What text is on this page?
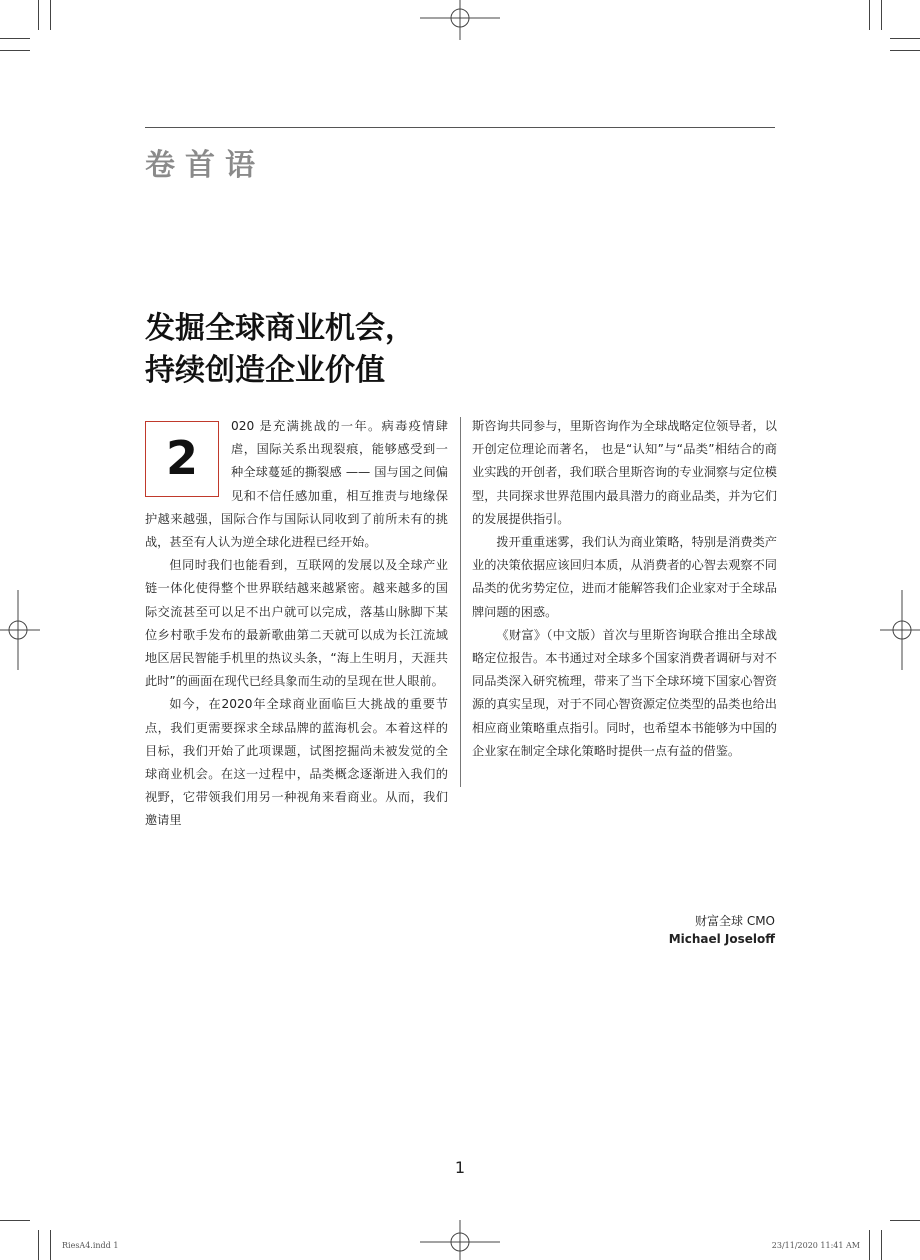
卷首语
发掘全球商业机会，
持续创造企业价值
2

020 是充满挑战的一年。病毒疫情肆虐，国际关系出现裂痕，能够感受到一种全球蔓延的撕裂感 —— 国与国之间偏见和不信任感加重，相互推责与地缘保护越来越强，国际合作与国际认同收到了前所未有的挑战，甚至有人认为逆全球化进程已经开始。

但同时我们也能看到，互联网的发展以及全球产业链一体化使得整个世界联结越来越紧密。越来越多的国际交流甚至可以足不出户就可以完成，落基山脉脚下某位乡村歌手发布的最新歌曲第二天就可以成为长江流域地区居民智能手机里的热议头条，“海上生明月，天涯共此时”的画面在现代已经具象而生动的呈现在世人眼前。

如今，在2020年全球商业面临巨大挑战的重要节点，我们更需要探求全球品牌的蓝海机会。本着这样的目标，我们开始了此项课题，试图挖掘尚未被发觉的全球商业机会。在这一过程中，品类概念逐渐进入我们的视野，它带领我们用另一种视角来看商业。从而，我们邀请里

斯咨询共同参与，里斯咨询作为全球战略定位领导者，以开创定位理论而著名， 也是“认知”与“品类”相结合的商业实践的开创者，我们联合里斯咨询的专业洞察与定位模型，共同探求世界范围内最具潜力的商业品类，并为它们的发展提供指引。

拨开重重迷雾，我们认为商业策略，特别是消费类产业的决策依据应该回归本质，从消费者的心智去观察不同品类的优劣势定位，进而才能解答我们企业家对于全球品牌问题的困惑。

《财富》（中文版）首次与里斯咨询联合推出全球战略定位报告。本书通过对全球多个国家消费者调研与对不同品类深入研究梳理，带来了当下全球环境下国家心智资源的真实呈现，对于不同心智资源定位类型的品类也给出相应商业策略重点指引。同时，也希望本书能够为中国的企业家在制定全球化策略时提供一点有益的借鉴。

财富全球 CMO
Michael Joseloff
1
RiesA4.indd 1	23/11/2020 11:41 AM
